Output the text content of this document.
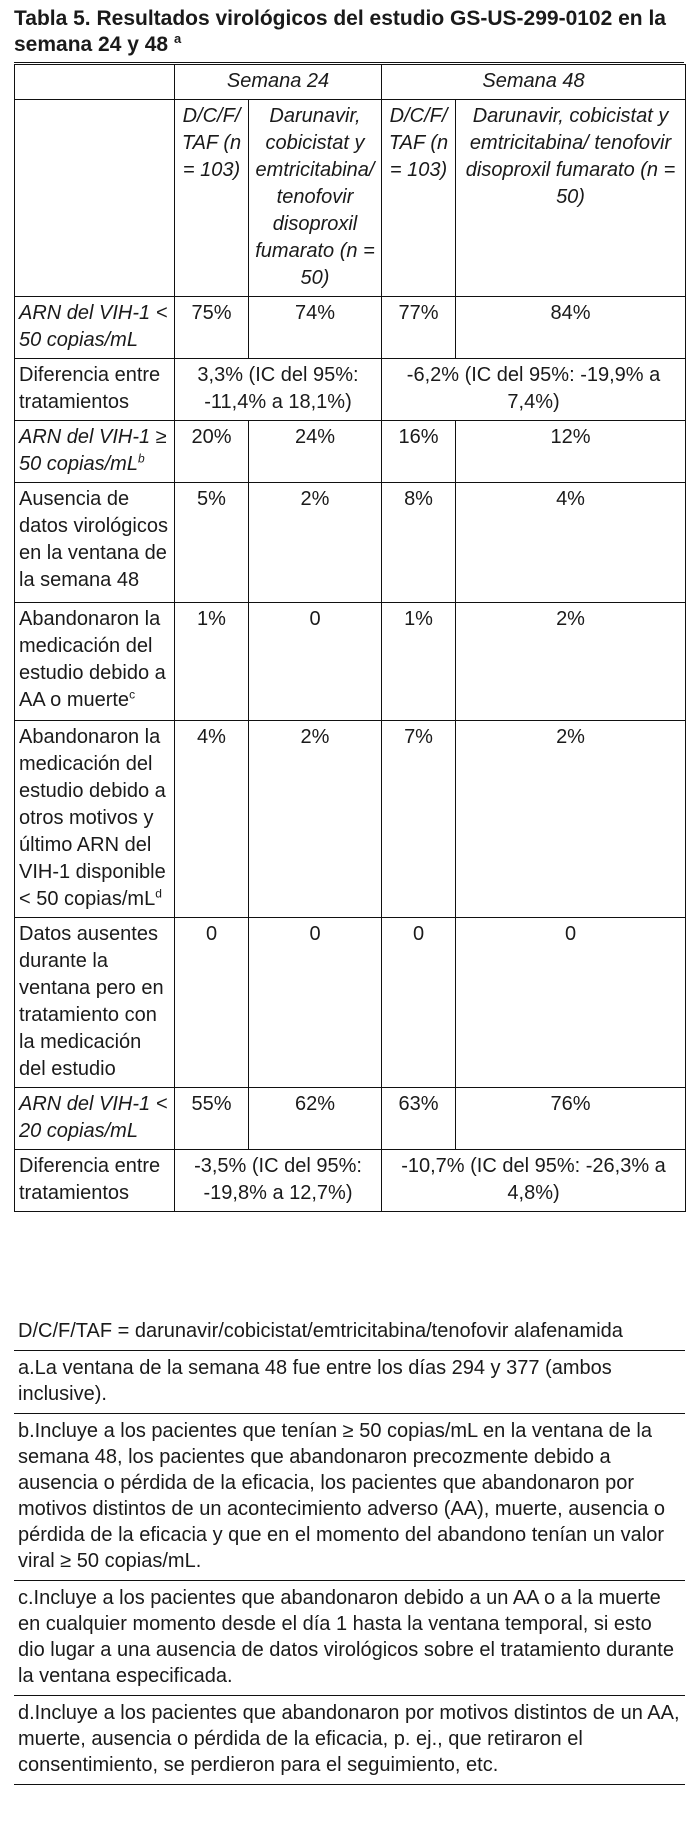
Tabla 5. Resultados virológicos del estudio GS-US-299-0102 en la semana 24 y 48 $^a$
	Semana 24		Semana 48	
	D/C/F/ TAF (n = 103)	Darunavir, cobicistat y emtricitabina/ tenofovir disoproxil fumarato (n = 50)	D/C/F/ TAF (n = 103)	Darunavir, cobicistat y emtricitabina/ tenofovir disoproxil fumarato (n = 50)
ARN del VIH-1 < 50 copias/mL	75%	74%	77%	84%
Diferencia entre tratamientos	3,3% (IC del 95%: -11,4% a 18,1%)		-6,2% (IC del 95%: -19,9% a 7,4%)	
ARN del VIH-1 ≥ 50 copias/$mL^b$	20%	24%	16%	12%
Ausencia de datos virológicos en la ventana de la semana 48	5%	2%	8%	4%
Abandonaron la medicación del estudio debido a AA o muerte$^c$	1%	0	1%	2%
Abandonaron la medicación del estudio debido a otros motivos y último ARN del VIH-1 disponible < 50 copias/$mL^d$	4%	2%	7%	2%
Datos ausentes durante la ventana pero en tratamiento con la medicación del estudio	0	0	0	0
ARN del VIH-1 < 20 copias/mL	55%	62%	63%	76%
Diferencia entre tratamientos	-3,5% (IC del 95%: -19,8% a 12,7%)		-10,7% (IC del 95%: -26,3% a 4,8%)	
D/C/F/TAF = darunavir/cobicistat/emtricitabina/tenofovir alafenamida
a.La ventana de la semana 48 fue entre los días 294 y 377 (ambos inclusive).
b.Incluye a los pacientes que tenían ≥ 50 copias/mL en la ventana de la semana 48, los pacientes que abandonaron precozmente debido a ausencia o pérdida de la eficacia, los pacientes que abandonaron por motivos distintos de un acontecimiento adverso (AA), muerte, ausencia o pérdida de la eficacia y que en el momento del abandono tenían un valor viral ≥ 50 copias/mL.
c.Incluye a los pacientes que abandonaron debido a un AA o a la muerte en cualquier momento desde el día 1 hasta la ventana temporal, si esto dio lugar a una ausencia de datos virológicos sobre el tratamiento durante la ventana especificada.
d.Incluye a los pacientes que abandonaron por motivos distintos de un AA, muerte, ausencia o pérdida de la eficacia, p. ej., que retiraron el consentimiento, se perdieron para el seguimiento, etc.
